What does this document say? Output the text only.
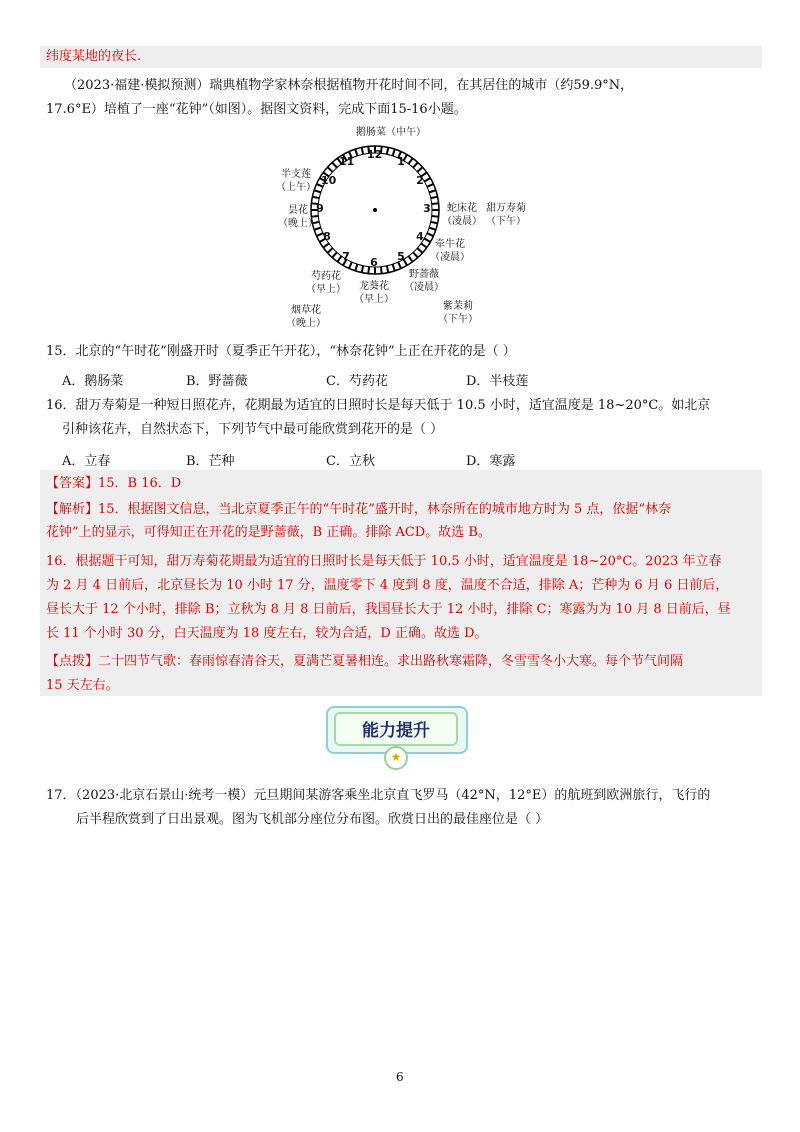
纬度某地的夜长.
（2023·福建·模拟预测）瑞典植物学家林奈根据植物开花时间不同，在其居住的城市（约59.9°N，
17.6°E）培植了一座“花钟”（如图）。据图文资料，完成下面15-16小题。
12
1
2
3
4
5
6
7
8
9
10
11
鹅肠菜（中午）
半支莲
（上午）
昙花
（晚上）
蛇床花
（凌晨）
甜万寿菊
（下午）
牵牛花
（凌晨）
野蔷薇
（凌晨）
龙葵花
（早上）
芍药花
（早上）
烟草花
（晚上）
紫茉莉
（下午）
15．北京的“午时花”刚盛开时（夏季正午开花），“林奈花钟”上正在开花的是（ ）
A．鹅肠菜	B．野蔷薇	C．芍药花	D．半枝莲
16．甜万寿菊是一种短日照花卉，花期最为适宜的日照时长是每天低于 10.5 小时，适宜温度是 18~20°C。如北京
引种该花卉，自然状态下，下列节气中最可能欣赏到花开的是（ ）
A．立春	B．芒种	C．立秋	D．寒露
【答案】15．B 16．D
【解析】15．根据图文信息，当北京夏季正午的“午时花”盛开时，林奈所在的城市地方时为 5 点，依据“林奈
花钟”上的显示，可得知正在开花的是野蔷薇，B 正确。排除 ACD。故选 B。
16．根据题干可知，甜万寿菊花期最为适宜的日照时长是每天低于 10.5 小时，适宜温度是 18~20°C。2023 年立春
为 2 月 4 日前后，北京昼长为 10 小时 17 分，温度零下 4 度到 8 度，温度不合适，排除 A；芒种为 6 月 6 日前后，
昼长大于 12 个小时，排除 B；立秋为 8 月 8 日前后，我国昼长大于 12 小时，排除 C；寒露为为 10 月 8 日前后，昼
长 11 个小时 30 分，白天温度为 18 度左右，较为合适，D 正确。故选 D。
【点拨】二十四节气歌：春雨惊春清谷天，夏满芒夏暑相连。求出路秋寒霜降，冬雪雪冬小大寒。每个节气间隔
15 天左右。
能力提升
★
17．（2023·北京石景山·统考一模）元旦期间某游客乘坐北京直飞罗马（42°N，12°E）的航班到欧洲旅行，飞行的
后半程欣赏到了日出景观。图为飞机部分座位分布图。欣赏日出的最佳座位是（ ）
6
